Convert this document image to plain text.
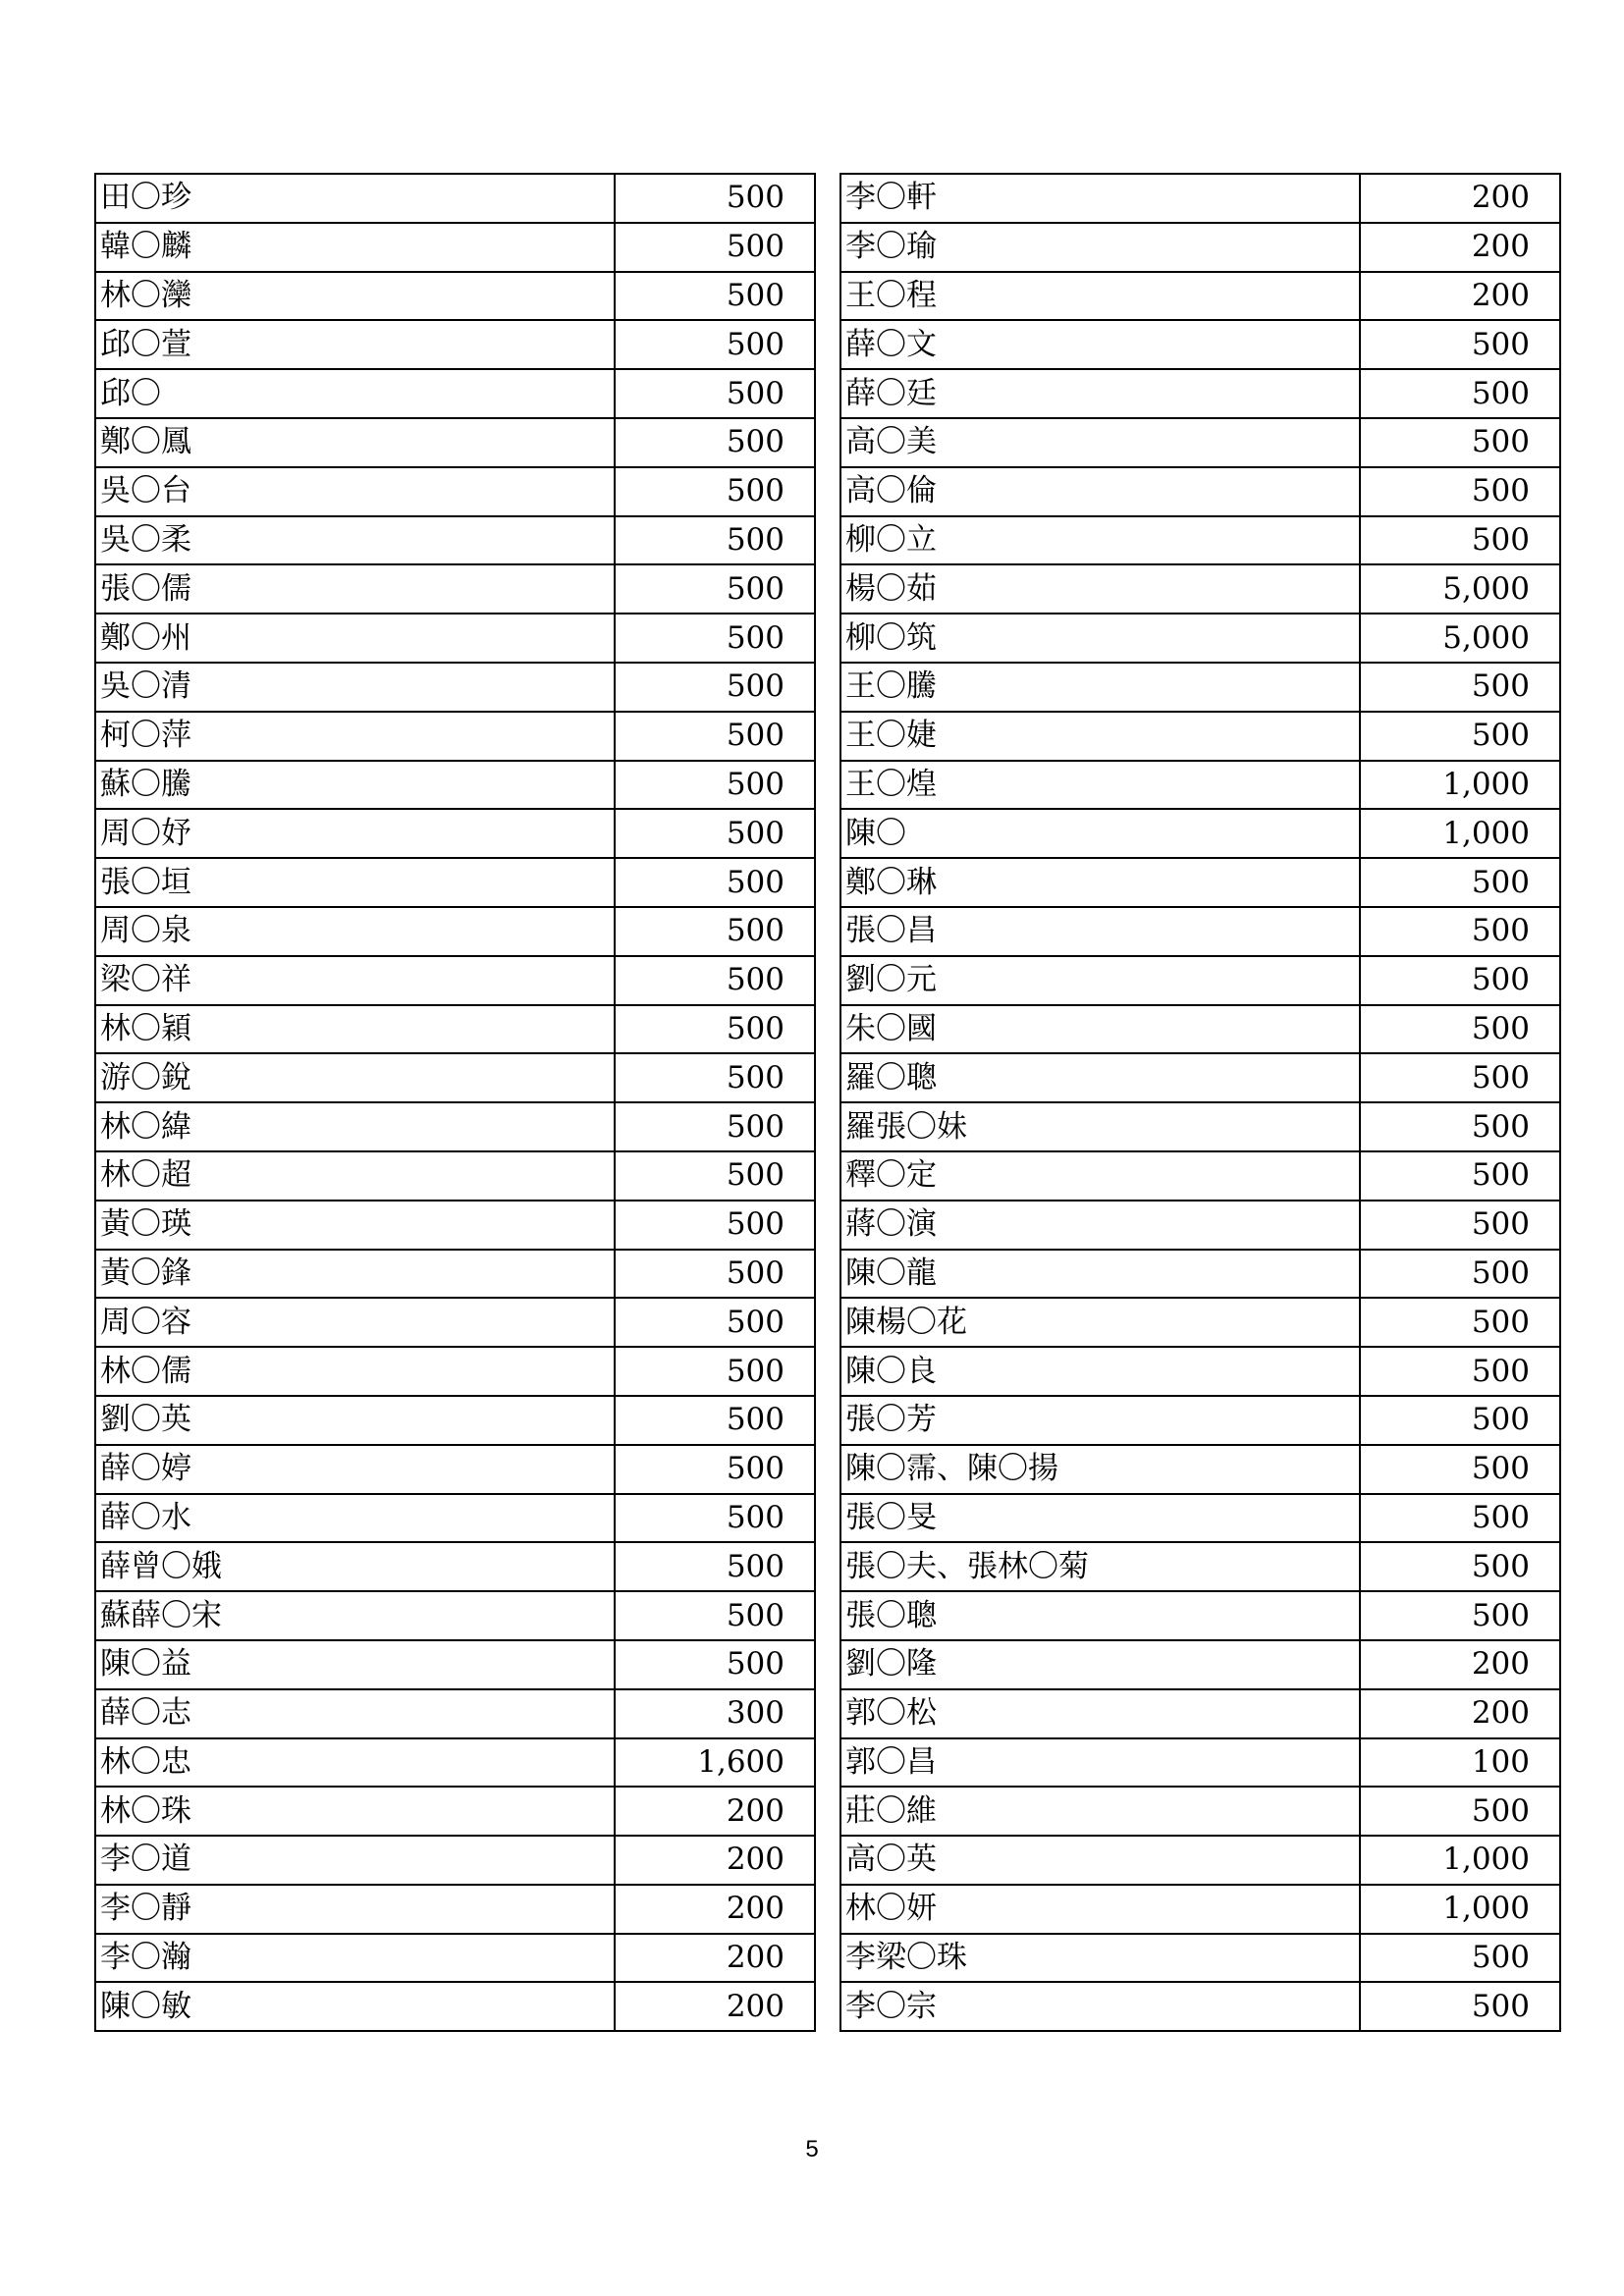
田〇珍	500
韓〇麟	500
林〇灤	500
邱〇萱	500
邱〇	500
鄭〇鳳	500
吳〇台	500
吳〇柔	500
張〇儒	500
鄭〇州	500
吳〇清	500
柯〇萍	500
蘇〇騰	500
周〇妤	500
張〇垣	500
周〇泉	500
梁〇祥	500
林〇穎	500
游〇銳	500
林〇緯	500
林〇超	500
黃〇瑛	500
黃〇鋒	500
周〇容	500
林〇儒	500
劉〇英	500
薛〇婷	500
薛〇水	500
薛曾〇娥	500
蘇薛〇宋	500
陳〇益	500
薛〇志	300
林〇忠	1,600
林〇珠	200
李〇道	200
李〇靜	200
李〇瀚	200
陳〇敏	200
李〇軒	200
李〇瑜	200
王〇程	200
薛〇文	500
薛〇廷	500
高〇美	500
高〇倫	500
柳〇立	500
楊〇茹	5,000
柳〇筑	5,000
王〇騰	500
王〇婕	500
王〇煌	1,000
陳〇	1,000
鄭〇琳	500
張〇昌	500
劉〇元	500
朱〇國	500
羅〇聰	500
羅張〇妹	500
釋〇定	500
蔣〇演	500
陳〇龍	500
陳楊〇花	500
陳〇良	500
張〇芳	500
陳〇霈、陳〇揚	500
張〇旻	500
張〇夫、張林〇菊	500
張〇聰	500
劉〇隆	200
郭〇松	200
郭〇昌	100
莊〇維	500
高〇英	1,000
林〇妍	1,000
李梁〇珠	500
李〇宗	500
5
